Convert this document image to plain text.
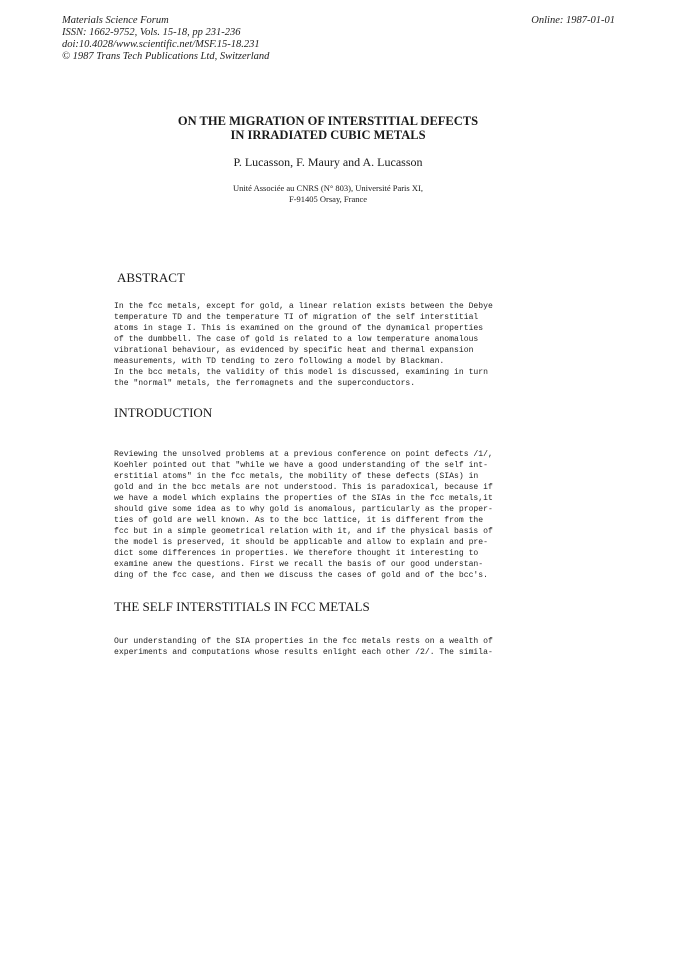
Materials Science Forum
ISSN: 1662-9752, Vols. 15-18, pp 231-236
doi:10.4028/www.scientific.net/MSF.15-18.231
© 1987 Trans Tech Publications Ltd, Switzerland
Online: 1987-01-01
ON THE MIGRATION OF INTERSTITIAL DEFECTS
IN IRRADIATED CUBIC METALS
P. Lucasson, F. Maury and A. Lucasson
Unité Associée au CNRS (N° 803), Université Paris XI,
F-91405 Orsay, France
ABSTRACT
In the fcc metals, except for gold, a linear relation exists between the Debye
temperature TD and the temperature TI of migration of the self interstitial
atoms in stage I. This is examined on the ground of the dynamical properties
of the dumbbell. The case of gold is related to a low temperature anomalous
vibrational behaviour, as evidenced by specific heat and thermal expansion
measurements, with TD tending to zero following a model by Blackman.
In the bcc metals, the validity of this model is discussed, examining in turn
the "normal" metals, the ferromagnets and the superconductors.
INTRODUCTION
Reviewing the unsolved problems at a previous conference on point defects /1/,
Koehler pointed out that "while we have a good understanding of the self int-
erstitial atoms" in the fcc metals, the mobility of these defects (SIAs) in
gold and in the bcc metals are not understood. This is paradoxical, because if
we have a model which explains the properties of the SIAs in the fcc metals,it
should give some idea as to why gold is anomalous, particularly as the proper-
ties of gold are well known. As to the bcc lattice, it is different from the
fcc but in a simple geometrical relation with it, and if the physical basis of
the model is preserved, it should be applicable and allow to explain and pre-
dict some differences in properties. We therefore thought it interesting to
examine anew the questions. First we recall the basis of our good understan-
ding of the fcc case, and then we discuss the cases of gold and of the bcc's.
THE SELF INTERSTITIALS IN FCC METALS
Our understanding of the SIA properties in the fcc metals rests on a wealth of
experiments and computations whose results enlight each other /2/. The simila-
